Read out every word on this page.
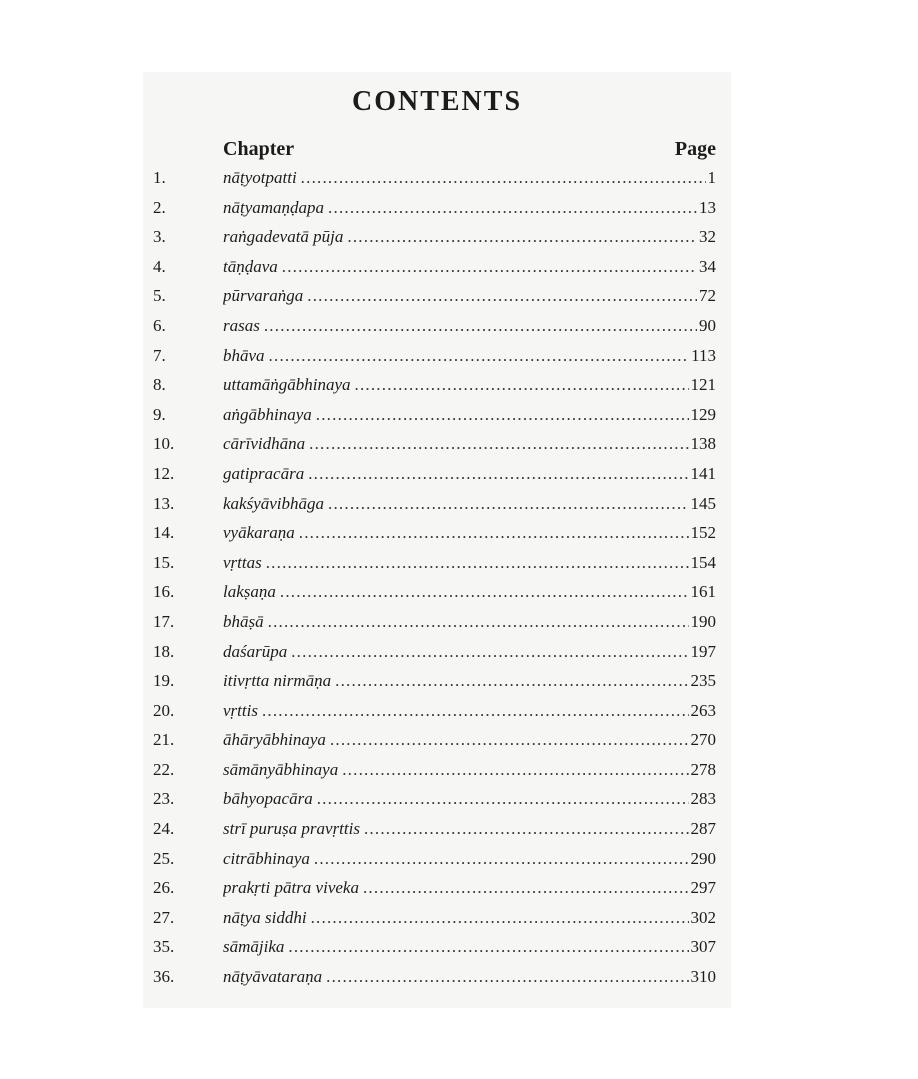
CONTENTS
Chapter	Page
1.	nāṭyotpatti .....	1
2.	nāṭyamaṇḍapa .....	13
3.	raṅgadevatā pūja .....	32
4.	tāṇḍava .....	34
5.	pūrvaraṅga .....	72
6.	rasas .....	90
7.	bhāva .....	113
8.	uttamāṅgābhinaya .....	121
9.	aṅgābhinaya .....	129
10.	cārīvidhāna .....	138
12.	gatipracāra .....	141
13.	kakśyāvibhāga .....	145
14.	vyākaraṇa .....	152
15.	vṛttas .....	154
16.	lakṣaṇa .....	161
17.	bhāṣā .....	190
18.	daśarūpa .....	197
19.	itivṛtta nirmāṇa .....	235
20.	vṛttis .....	263
21.	āhāryābhinaya .....	270
22.	sāmānyābhinaya .....	278
23.	bāhyopacāra .....	283
24.	strī puruṣa pravṛttis .....	287
25.	citrābhinaya .....	290
26.	prakṛti pātra viveka .....	297
27.	nāṭya siddhi .....	302
35.	sāmājika .....	307
36.	nāṭyāvataraṇa .....	310
